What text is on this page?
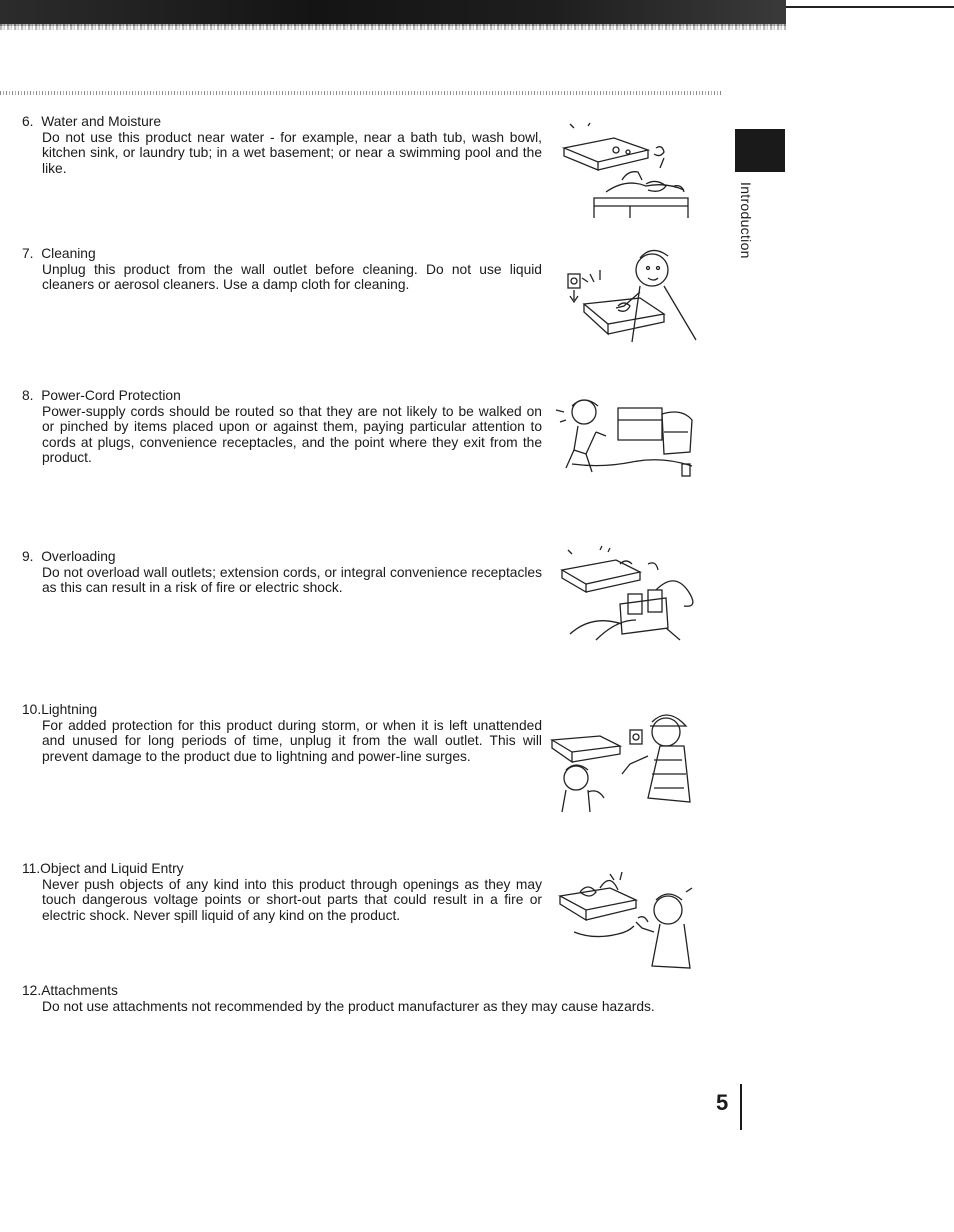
Introduction
6. Water and Moisture
Do not use this product near water - for example, near a bath tub, wash bowl, kitchen sink, or laundry tub; in a wet basement; or near a swimming pool and the like.
7. Cleaning
Unplug this product from the wall outlet before cleaning. Do not use liquid cleaners or aerosol cleaners. Use a damp cloth for cleaning.
8. Power-Cord Protection
Power-supply cords should be routed so that they are not likely to be walked on or pinched by items placed upon or against them, paying particular attention to cords at plugs, convenience receptacles, and the point where they exit from the product.
9. Overloading
Do not overload wall outlets; extension cords, or integral convenience receptacles as this can result in a risk of fire or electric shock.
10.Lightning
For added protection for this product during storm, or when it is left unattended and unused for long periods of time, unplug it from the wall outlet. This will prevent damage to the product due to lightning and power-line surges.
11.Object and Liquid Entry
Never push objects of any kind into this product through openings as they may touch dangerous voltage points or short-out parts that could result in a fire or electric shock. Never spill liquid of any kind on the product.
12.Attachments
Do not use attachments not recommended by the product manufacturer as they may cause hazards.
5
